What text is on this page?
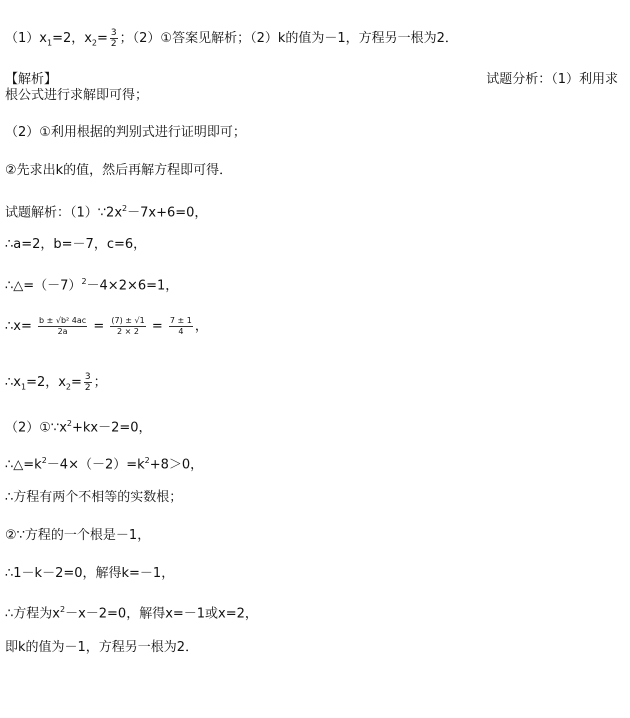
$(1)x_1=2$，$x_2= \frac{3}{2}$ ；（2）①答案见解析；（2）k的值为－1，方程另一根为2．
【解析】	试题分析：（1）利用求
根公式进行求解即可得；
（2）①利用根据的判别式进行证明即可；
②先求出k的值，然后再解方程即可得．
试题解析：$(1)\because 2x^2-7x+6=0$，
∴a=2，b=－7，c=6，
$\therefore\triangle=(-7)^2-4\times 2\times 6=1$，
∴x= $\frac{\text{b ± √b² 4ac}}{2a} = \frac{(7) \pm √1}{2 \times 2} = \frac{7 \pm 1}{4}$ ，
$\therefore x_1=2$，$x_2= \frac{3}{2}$ ；
$(2)①\because x^2+kx-2=0$，
$\therefore\triangle=k^2-4\times(-2)=k^2+8>0$，
∴方程有两个不相等的实数根；
②∵方程的一个根是－1，
∴1－k－2=0，解得k=－1，
∴方程为$x^2-x-2=0$，解得x=－1或x=2，
即k的值为－1，方程另一根为2．
